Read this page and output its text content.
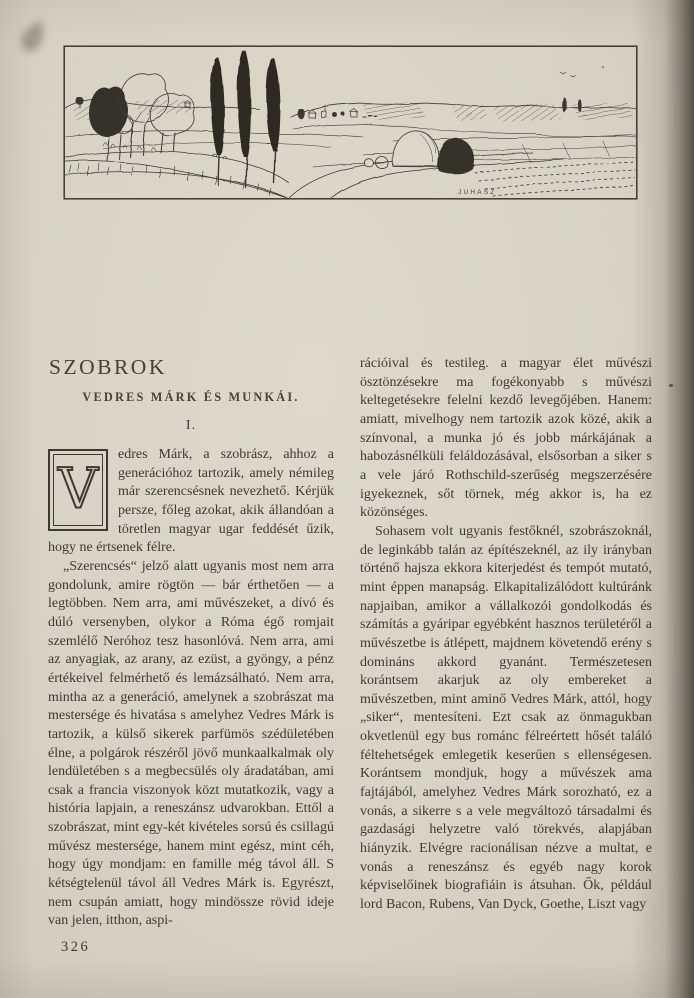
JUHASZ
SZOBROK
VEDRES MÁRK ÉS MUNKÁI.
I.
V

edres Márk, a szobrász, ahhoz a generációhoz tartozik, amely némileg már szerencsésnek nevezhető. Kérjük persze, főleg azokat, akik állandóan a töretlen magyar ugar feddését űzik, hogy ne értsenek félre.

„Szerencsés“ jelző alatt ugyanis most nem arra gondolunk, amire rögtön — bár érthetően — a legtöbben. Nem arra, ami művészeket, a dívó és dúló versenyben, olykor a Róma égő romjait szemlélő Neróhoz tesz hasonlóvá. Nem arra, ami az anyagiak, az arany, az ezüst, a gyöngy, a pénz értékeivel felmérhető és lemázsálható. Nem arra, mintha az a generáció, amelynek a szobrászat ma mestersége és hivatása s amelyhez Vedres Márk is tartozik, a külső sikerek parfümös szédületében élne, a polgárok részéről jövő munkaalkalmak oly lendületében s a megbecsülés oly áradatában, ami csak a francia viszonyok közt mutatkozik, vagy a história lapjain, a reneszánsz udvarokban. Ettől a szobrászat, mint egy-két kivételes sorsú és csillagú művész mestersége, hanem mint egész, mint céh, hogy úgy mondjam: en famille még távol áll. S kétségtelenül távol áll Vedres Márk is. Egyrészt, nem csupán amiatt, hogy mindössze rövid ideje van jelen, itthon, aspi-

326

rációival és testileg. a magyar élet művészi ösztönzésekre ma fogékonyabb s művészi keltegetésekre felelni kezdő levegőjében. Hanem: amiatt, mivelhogy nem tartozik azok közé, akik a színvonal, a munka jó és jobb márkájának a habozásnélküli feláldozásával, elsősorban a siker s a vele járó Rothschild-szerűség megszerzésére igyekeznek, sőt törnek, még akkor is, ha ez közönséges.

Sohasem volt ugyanis festőknél, szobrászoknál, de leginkább talán az építészeknél, az ily irányban történő hajsza ekkora kiterjedést és tempót mutató, mint éppen manapság. Elkapitalizálódott kultúránk napjaiban, amikor a vállalkozói gondolkodás és számítás a gyáripar egyébként hasznos területéről a művészetbe is átlépett, majdnem követendő erény s domináns akkord gyanánt. Természetesen korántsem akarjuk az oly embereket a művészetben, mint aminő Vedres Márk, attól, hogy „siker“, mentesíteni. Ezt csak az önmagukban okvetlenül egy bus románc félreértett hősét találó féltehetségek emlegetik keserűen s ellenségesen. Korántsem mondjuk, hogy a művészek ama fajtájából, amelyhez Vedres Márk sorozható, ez a vonás, a sikerre s a vele megváltozó társadalmi és gazdasági helyzetre való törekvés, alapjában hiányzik. Elvégre racionálisan nézve a multat, e vonás a reneszánsz és egyéb nagy korok képviselőinek biografiáin is átsuhan. Ők, például lord Bacon, Rubens, Van Dyck, Goethe, Liszt vagy
